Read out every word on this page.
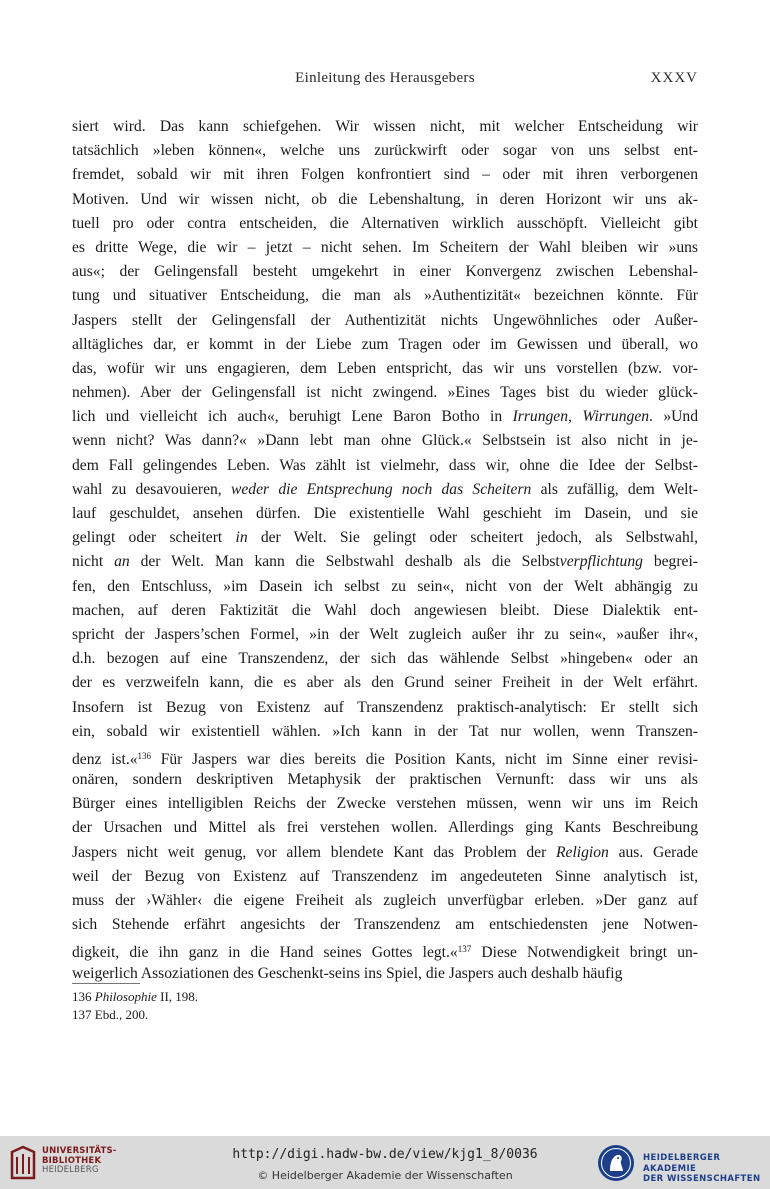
Einleitung des Herausgebers	XXXV
siert wird. Das kann schiefgehen. Wir wissen nicht, mit welcher Entscheidung wir
tatsächlich »leben können«, welche uns zurückwirft oder sogar von uns selbst ent-
fremdet, sobald wir mit ihren Folgen konfrontiert sind – oder mit ihren verborgenen
Motiven. Und wir wissen nicht, ob die Lebenshaltung, in deren Horizont wir uns ak-
tuell pro oder contra entscheiden, die Alternativen wirklich ausschöpft. Vielleicht gibt
es dritte Wege, die wir – jetzt – nicht sehen. Im Scheitern der Wahl bleiben wir »uns
aus«; der Gelingensfall besteht umgekehrt in einer Konvergenz zwischen Lebenshal-
tung und situativer Entscheidung, die man als »Authentizität« bezeichnen könnte. Für
Jaspers stellt der Gelingensfall der Authentizität nichts Ungewöhnliches oder Außer-
alltägliches dar, er kommt in der Liebe zum Tragen oder im Gewissen und überall, wo
das, wofür wir uns engagieren, dem Leben entspricht, das wir uns vorstellen (bzw. vor-
nehmen). Aber der Gelingensfall ist nicht zwingend. »Eines Tages bist du wieder glück-
lich und vielleicht ich auch«, beruhigt Lene Baron Botho in Irrungen, Wirrungen. »Und
wenn nicht? Was dann?« »Dann lebt man ohne Glück.« Selbstsein ist also nicht in je-
dem Fall gelingendes Leben. Was zählt ist vielmehr, dass wir, ohne die Idee der Selbst-
wahl zu desavouieren, weder die Entsprechung noch das Scheitern als zufällig, dem Welt-
lauf geschuldet, ansehen dürfen. Die existentielle Wahl geschieht im Dasein, und sie
gelingt oder scheitert in der Welt. Sie gelingt oder scheitert jedoch, als Selbstwahl,
nicht an der Welt. Man kann die Selbstwahl deshalb als die Selbstverpflichtung begrei-
fen, den Entschluss, »im Dasein ich selbst zu sein«, nicht von der Welt abhängig zu
machen, auf deren Faktizität die Wahl doch angewiesen bleibt. Diese Dialektik ent-
spricht der Jaspers’schen Formel, »in der Welt zugleich außer ihr zu sein«, »außer ihr«,
d.h. bezogen auf eine Transzendenz, der sich das wählende Selbst »hingeben« oder an
der es verzweifeln kann, die es aber als den Grund seiner Freiheit in der Welt erfährt.
Insofern ist Bezug von Existenz auf Transzendenz praktisch-analytisch: Er stellt sich
ein, sobald wir existentiell wählen. »Ich kann in der Tat nur wollen, wenn Transzen-
denz ist.«$^{136}$ Für Jaspers war dies bereits die Position Kants, nicht im Sinne einer revisi-
onären, sondern deskriptiven Metaphysik der praktischen Vernunft: dass wir uns als
Bürger eines intelligiblen Reichs der Zwecke verstehen müssen, wenn wir uns im Reich
der Ursachen und Mittel als frei verstehen wollen. Allerdings ging Kants Beschreibung
Jaspers nicht weit genug, vor allem blendete Kant das Problem der Religion aus. Gerade
weil der Bezug von Existenz auf Transzendenz im angedeuteten Sinne analytisch ist,
muss der ›Wähler‹ die eigene Freiheit als zugleich unverfügbar erleben. »Der ganz auf
sich Stehende erfährt angesichts der Transzendenz am entschiedensten jene Notwen-
digkeit, die ihn ganz in die Hand seines Gottes legt.«$^{137}$ Diese Notwendigkeit bringt un-
weigerlich Assoziationen des Geschenkt-seins ins Spiel, die Jaspers auch deshalb häufig
136 Philosophie II, 198.
137 Ebd., 200.
UNIVERSITÄTS-
BIBLIOTHEK
HEIDELBERG
http://digi.hadw-bw.de/view/kjg1_8/0036
© Heidelberger Akademie der Wissenschaften
HEIDELBERGER AKADEMIE
DER WISSENSCHAFTEN
